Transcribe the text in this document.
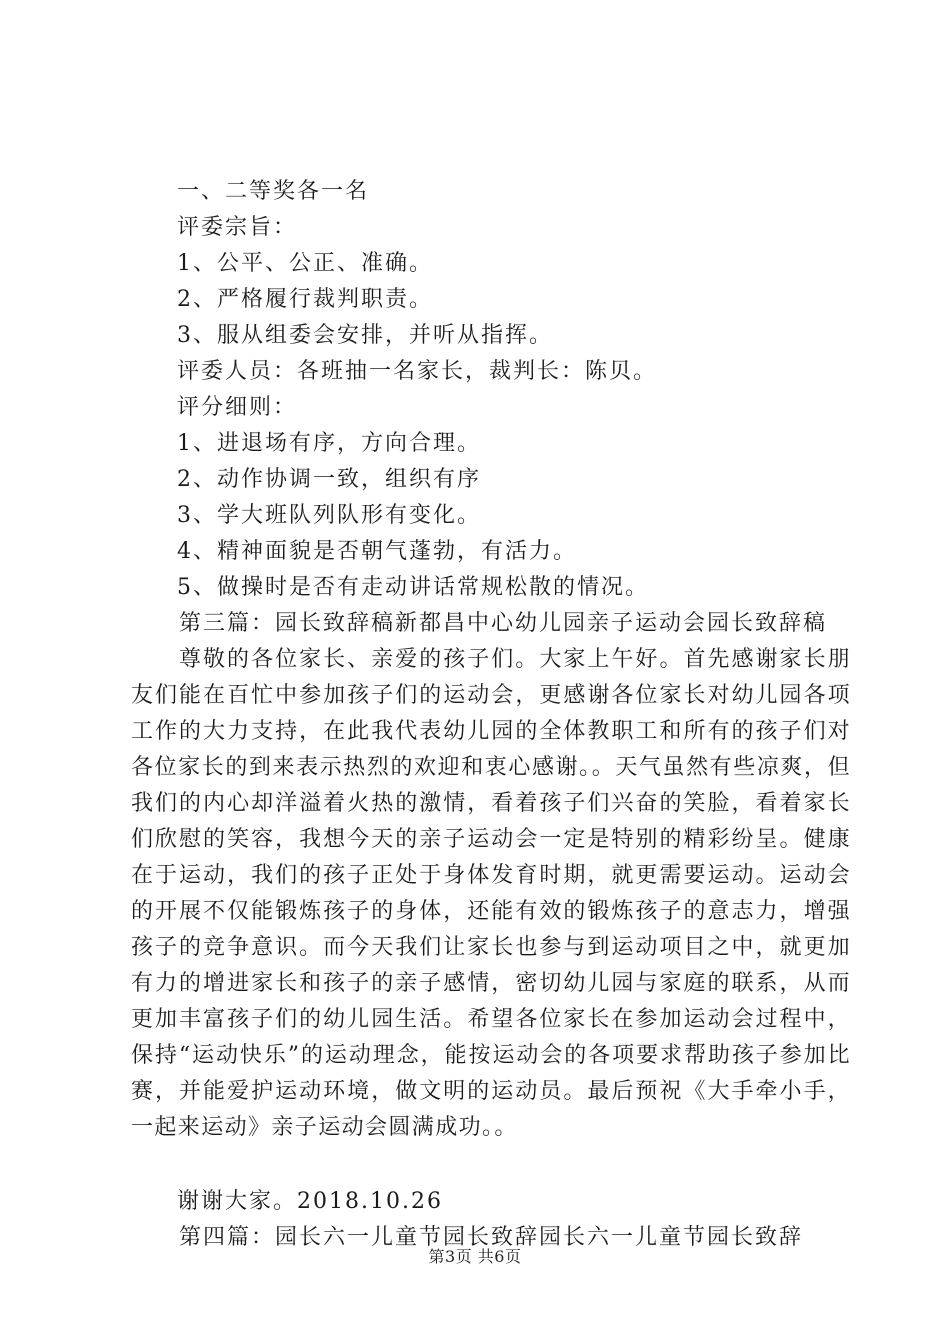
一、二等奖各一名
评委宗旨：
1、公平、公正、准确。
2、严格履行裁判职责。
3、服从组委会安排，并听从指挥。
评委人员：各班抽一名家长，裁判长：陈贝。
评分细则：
1、进退场有序，方向合理。
2、动作协调一致，组织有序
3、学大班队列队形有变化。
4、精神面貌是否朝气蓬勃，有活力。
5、做操时是否有走动讲话常规松散的情况。

第三篇：园长致辞稿新都昌中心幼儿园亲子运动会园长致辞稿

尊敬的各位家长、亲爱的孩子们。大家上午好。首先感谢家长朋友们能在百忙中参加孩子们的运动会，更感谢各位家长对幼儿园各项工作的大力支持，在此我代表幼儿园的全体教职工和所有的孩子们对各位家长的到来表示热烈的欢迎和衷心感谢。。天气虽然有些凉爽，但我们的内心却洋溢着火热的激情，看着孩子们兴奋的笑脸，看着家长们欣慰的笑容，我想今天的亲子运动会一定是特别的精彩纷呈。健康在于运动，我们的孩子正处于身体发育时期，就更需要运动。运动会的开展不仅能锻炼孩子的身体，还能有效的锻炼孩子的意志力，增强孩子的竞争意识。而今天我们让家长也参与到运动项目之中，就更加有力的增进家长和孩子的亲子感情，密切幼儿园与家庭的联系，从而更加丰富孩子们的幼儿园生活。希望各位家长在参加运动会过程中，保持“运动快乐”的运动理念，能按运动会的各项要求帮助孩子参加比赛，并能爱护运动环境，做文明的运动员。最后预祝《大手牵小手，一起来运动》亲子运动会圆满成功。。

谢谢大家。2018.10.26

第四篇：园长六一儿童节园长致辞园长六一儿童节园长致辞

第3页 共6页
